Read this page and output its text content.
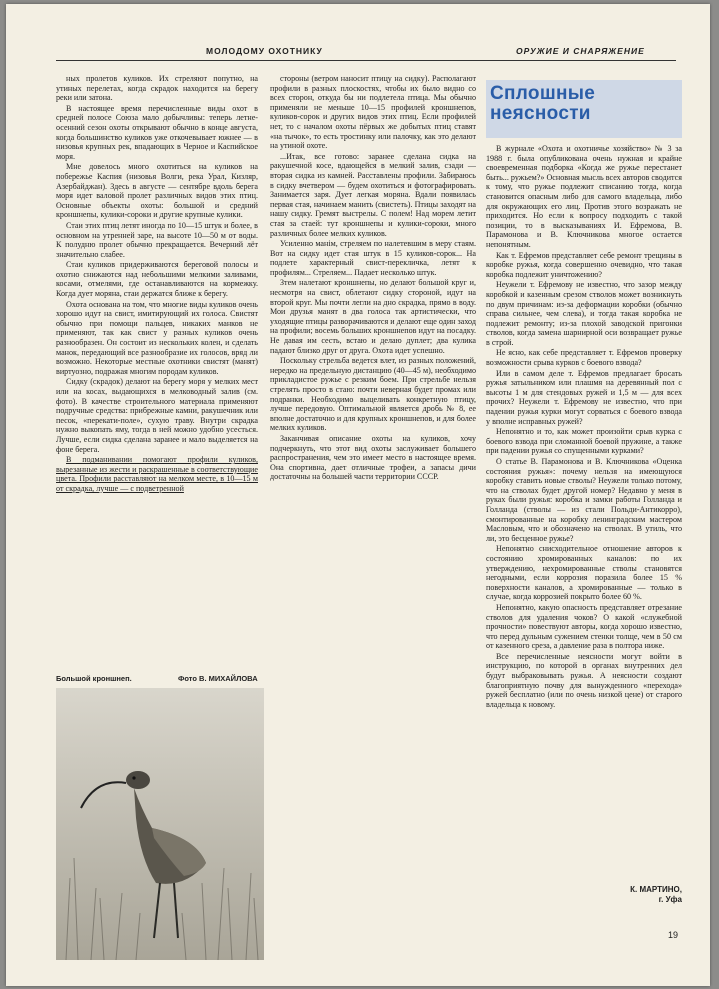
МОЛОДОМУ ОХОТНИКУ	ОРУЖИЕ И СНАРЯЖЕНИЕ

ных пролетов куликов. Их стреляют попутно, на утиных перелетах, когда скрадок находится на берегу реки или затона.

В настоящее время перечисленные виды охот в средней полосе Союза мало добычливы: теперь летне-осенний сезон охоты открывают обычно в конце августа, когда большинство куликов уже откочевывает южнее — в низовья крупных рек, впадающих в Черное и Каспийское моря.

Мне довелось много охотиться на куликов на побережье Каспия (низовья Волги, река Урал, Кизляр, Азербайджан). Здесь в августе — сентябре вдоль берега моря идет валовой пролет различных видов этих птиц. Основные объекты охоты: большой и средний кроншнепы, кулики-сороки и другие крупные кулики.

Стаи этих птиц летят иногда по 10—15 штук и более, в основном на утренней заре, на высоте 10—50 м от воды. К полудню пролет обычно прекращается. Вечерний лёт значительно слабее.

Стаи куликов придерживаются береговой полосы и охотно снижаются над небольшими мелкими заливами, косами, отмелями, где останавливаются на кормежку. Когда дует моряна, стаи держатся ближе к берегу.

Охота основана на том, что многие виды куликов очень хорошо идут на свист, имитирующий их голоса. Свистят обычно при помощи пальцев, никаких манков не применяют, так как свист у разных куликов очень разнообразен. Он состоит из нескольких колен, и сделать манок, передающий все разнообразие их голосов, вряд ли возможно. Некоторые местные охотники свистят (манят) виртуозно, подражая многим породам куликов.

Сидку (скрадок) делают на берегу моря у мелких мест или на косах, выдающихся в мелководный залив (см. фото). В качестве строительного материала применяют подручные средства: прибрежные камни, ракушечник или песок, «перекати-поле», сухую траву. Внутри скрадка нужно выкопать яму, тогда в ней можно удобно усесться. Лучше, если сидка сделана заранее и мало выделяется на фоне берега.

В подманивании помогают профили куликов, вырезанные из жести и раскрашенные в соответствующие цвета. Профили расставляют на мелком месте, в 10—15 м от скрадка, лучше — с подветренной

стороны (ветром наносит птицу на сидку). Располагают профили в разных плоскостях, чтобы их было видно со всех сторон, откуда бы ни подлетела птица. Мы обычно применяли не меньше 10—15 профилей кроншнепов, куликов-сорок и других видов этих птиц. Если профилей нет, то с началом охоты пёрвых же добытых птиц ставят «на тычок», то есть тростинку или палочку, как это делают на утиной охоте.

...Итак, все готово: заранее сделана сидка на ракушечной косе, вдающейся в мелкий залив, сзади — вторая сидка из камней. Расставлены профили. Забираюсь в сидку вчетвером — будем охотиться и фотографировать. Занимается заря. Дует легкая моряна. Вдали появилась первая стая, начинаем манить (свистеть). Птицы заходят на нашу сидку. Гремят выстрелы. С полем! Над морем летит стая за стаей: тут кроншнепы и кулики-сороки, много различных более мелких куликов.

Усиленно манім, стреляем по налетевшим в меру стаям. Вот на сидку идет стая штук в 15 куликов-сорок... На подлете характерный свист-перекличка, летят к профилям... Стреляем... Падает несколько штук.

Зтем налетают кроншнепы, но делают большой круг и, несмотря на свист, облетают сидку стороной, идут на второй круг. Мы почти легли на дно скрадка, прямо в воду. Мои друзья манят в два голоса так артистически, что уходящие птицы разворачиваются и делают еще один заход на профили; восемь больших кроншнепов идут на посадку. Не давая им сесть, встаю и делаю дуплет; два кулика падают близко друг от друга. Охота идет успешно.

Поскольку стрельба ведется влет, из разных положений, нередко на предельную дистанцию (40—45 м), необходимо прикладистое ружье с резким боем. При стрельбе нельзя стрелять просто в стаю: почти неверная будет промах или подранки. Необходимо выцеливать конкретную птицу, лучше передовую. Оптимальной является дробь № 8, ее вполне достаточно и для крупных кроншнепов, и для более мелких куликов.

Заканчивая описание охоты на куликов, хочу подчеркнуть, что этот вид охоты заслуживает большего распространения, чем это имеет место в настоящее время. Она спортивна, дает отличные трофеи, а запасы дичи достаточны на большей части территории СССР.

Большой кроншнеп.	Фото В. МИХАЙЛОВА
Сплошные неясности

В журнале «Охота и охотничье хозяйство» № 3 за 1988 г. была опубликована очень нужная и крайне своевременная подборка «Когда же ружье перестанет быть... ружьем?» Основная мысль всех авторов сводится к тому, что ружье подлежит списанию тогда, когда становится опасным либо для самого владельца, либо для окружающих его лиц. Против этого возражать не приходится. Но если к вопросу подходить с такой позиции, то в высказываниях И. Ефремова, В. Парамонова и В. Ключникова многое остается непонятным.

Как т. Ефремов представляет себе ремонт трещины в коробке ружья, когда совершенно очевидно, что такая коробка подлежит уничтожению?

Неужели т. Ефремову не известно, что зазор между коробкой и казенным срезом стволов может возникнуть по двум причинам: из-за деформации коробки (обычно справа сильнее, чем слева), и тогда такая коробка не подлежит ремонту; из-за плохой заводской пригонки стволов, когда замена шарнирной оси возвращает ружье в строй.

Не ясно, как себе представляет т. Ефремов проверку возможности срыва курков с боевого взвода?

Или в самом деле т. Ефремов предлагает бросать ружья затыльником или плашмя на деревянный пол с высоты 1 м для стендовых ружей и 1,5 м — для всех прочих? Неужели т. Ефремову не известно, что при падении ружья курки могут сорваться с боевого взвода у вполне исправных ружей?

Непонятно и то, как может произойти срыв курка с боевого взвода при сломанной боевой пружине, а также при падении ружья со спущенными курками?

О статье В. Парамонова и В. Ключникова «Оценка состояния ружья»: почему нельзя на имеющуюся коробку ставить новые стволы? Неужели только потому, что на стволах будет другой номер? Недавно у меня в руках были ружья: коробка и замки работы Голланда и Голланда (стволы — из стали Польди-Антикорро), смонтированные на коробку ленинградским мастером Масловым, что и обозначено на стволах. В утиль, что ли, это бесценное ружье?

Непонятно снисходительное отношение авторов к состоянию хромированных каналов: по их утверждению, нехромированные стволы становятся негодными, если коррозия поразила более 15 % поверхности каналов, а хромированные — только в случае, когда коррозией покрыто более 60 %.

Непонятно, какую опасность представляет отрезание стволов для удаления чоков? О какой «служебной прочности» повествуют авторы, когда хорошо известно, что перед дульным сужением стенки толще, чем в 50 см от казенного среза, а давление раза в полтора ниже.

Все перечисленные неясности могут войти в инструкцию, по которой в органах внутренних дел будут выбраковывать ружья. А неясности создают благоприятную почву для вынужденного «перехода» ружей бесплатно (или по очень низкой цене) от старого владельца к новому.

К. МАРТИНО,
г. Уфа
19
